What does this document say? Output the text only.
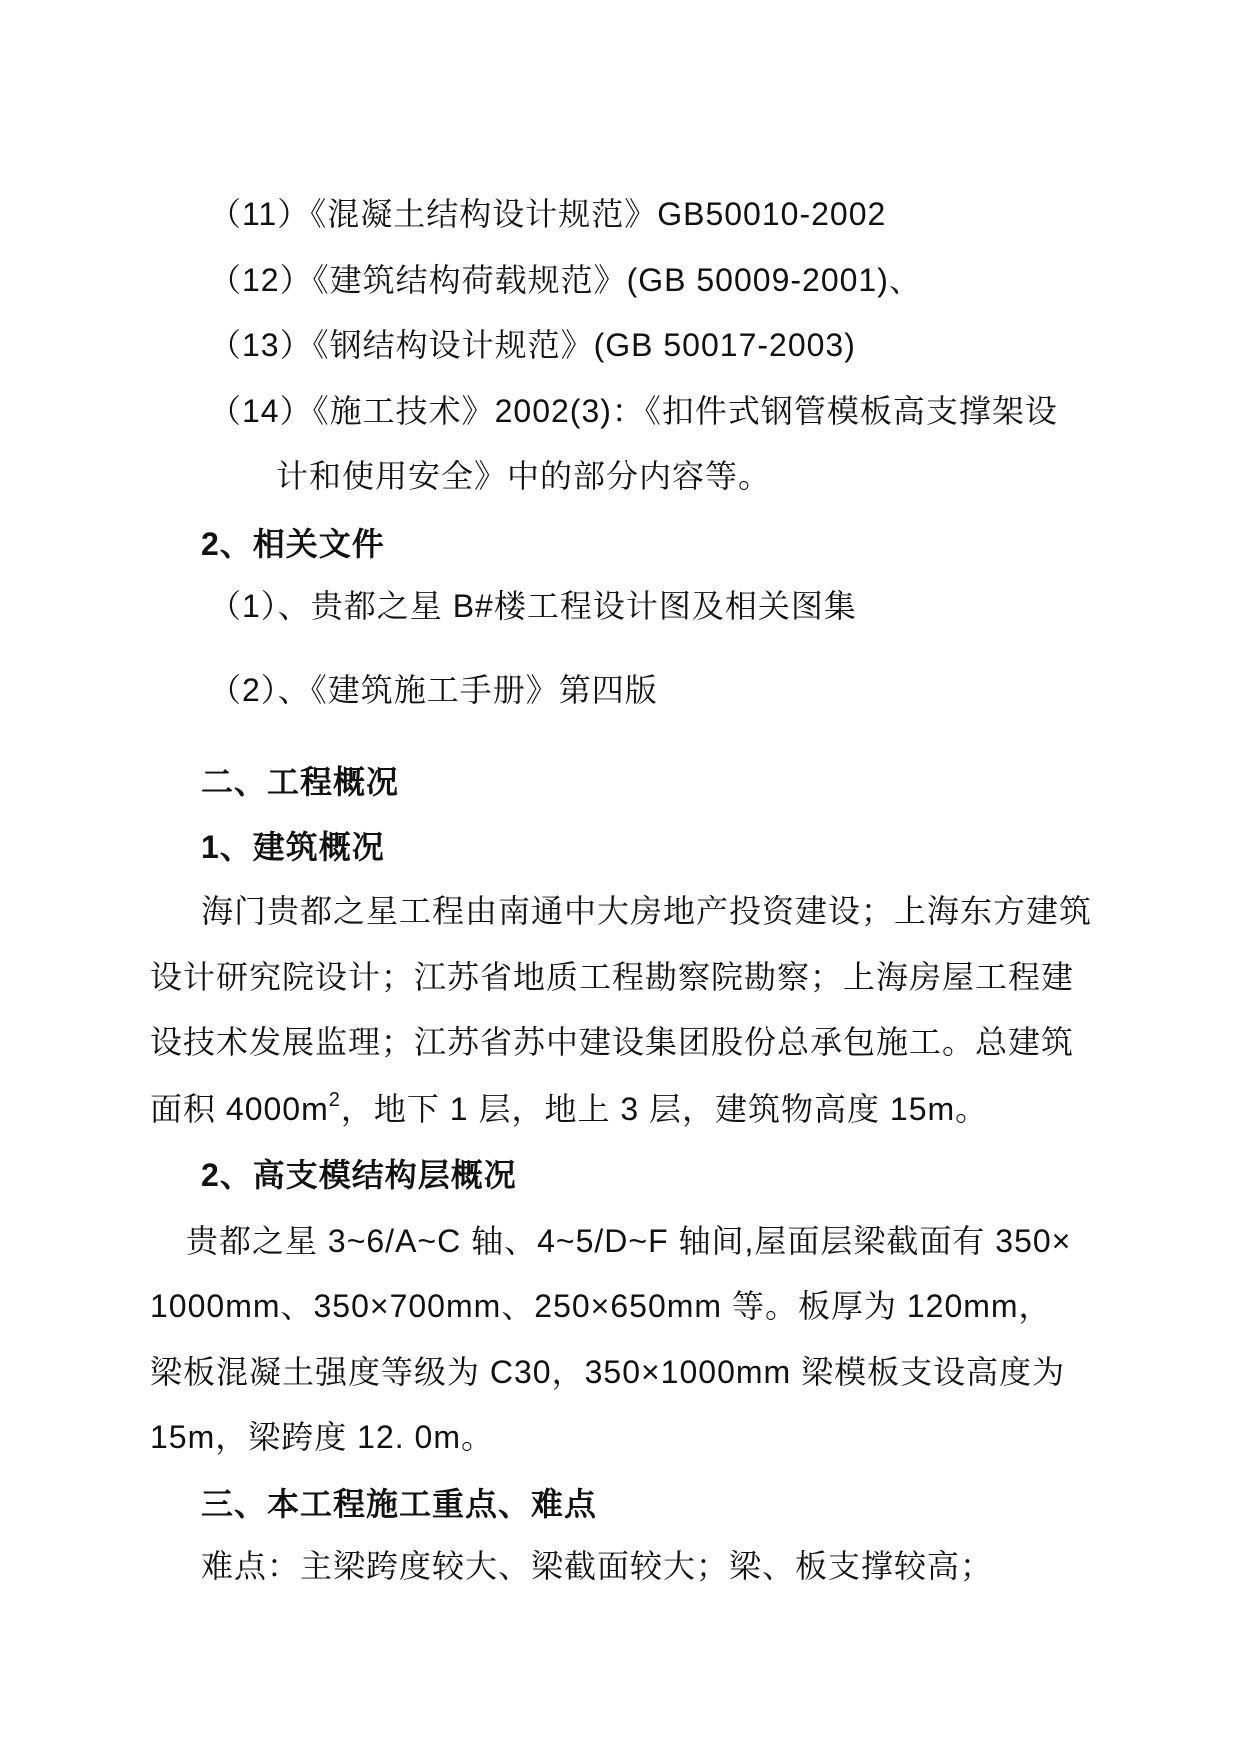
（11）《混凝土结构设计规范》GB50010-2002
（12）《建筑结构荷载规范》(GB 50009-2001)、
（13）《钢结构设计规范》(GB 50017-2003)
（14）《施工技术》2002(3)：《扣件式钢管模板高支撑架设
计和使用安全》中的部分内容等。
2、相关文件
（1）、贵都之星 B#楼工程设计图及相关图集
（2）、《建筑施工手册》第四版
二、工程概况
1、建筑概况
海门贵都之星工程由南通中大房地产投资建设；上海东方建筑
设计研究院设计；江苏省地质工程勘察院勘察；上海房屋工程建
设技术发展监理；江苏省苏中建设集团股份总承包施工。总建筑
面积 $4000m^2$，地下 1 层，地上 3 层，建筑物高度 15m。
2、高支模结构层概况
贵都之星 3~6/A~C 轴、4~5/D~F 轴间,屋面层梁截面有 350×
1000mm、350×700mm、250×650mm 等。板厚为 120mm，
梁板混凝土强度等级为 C30，350×1000mm 梁模板支设高度为
15m，梁跨度 12. 0m。
三、本工程施工重点、难点
难点：主梁跨度较大、梁截面较大；梁、板支撑较高；
